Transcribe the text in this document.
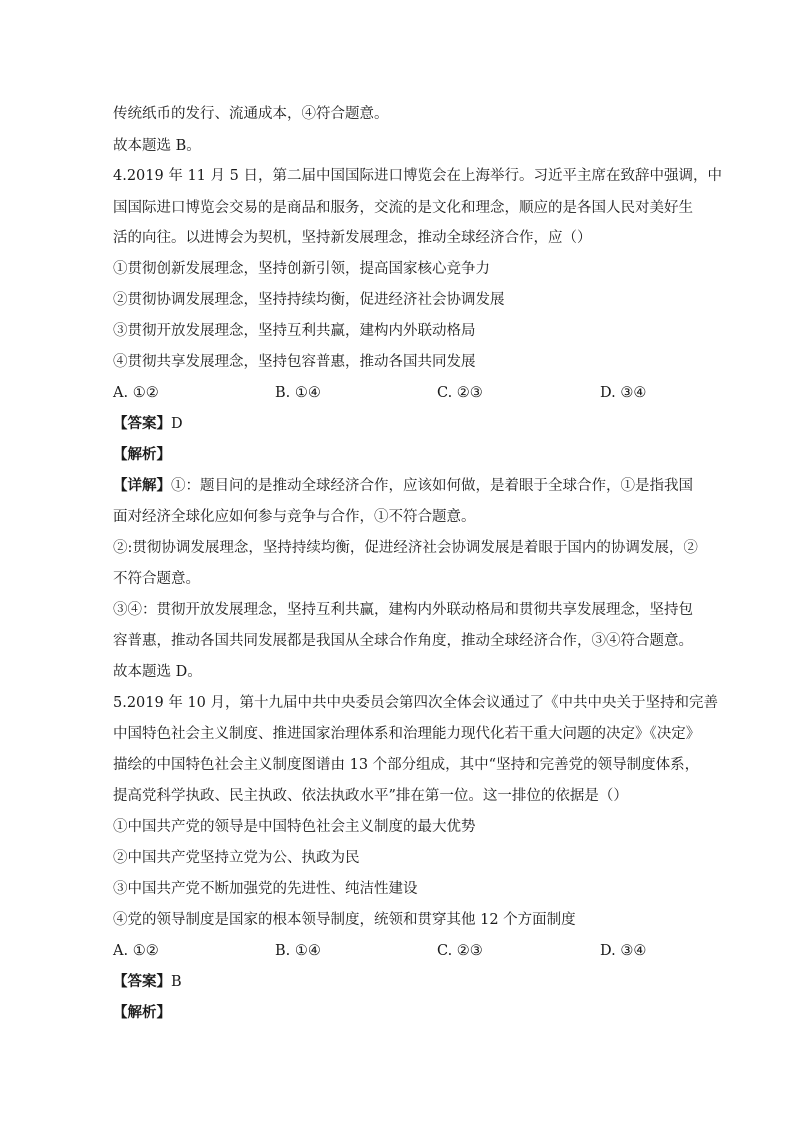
传统纸币的发行、流通成本，④符合题意。
故本题选 B。
4.2019 年 11 月 5 日，第二届中国国际进口博览会在上海举行。习近平主席在致辞中强调，中
国国际进口博览会交易的是商品和服务，交流的是文化和理念，顺应的是各国人民对美好生
活的向往。以进博会为契机，坚持新发展理念，推动全球经济合作，应（）
①贯彻创新发展理念，坚持创新引领，提高国家核心竞争力
②贯彻协调发展理念，坚持持续均衡，促进经济社会协调发展
③贯彻开放发展理念，坚持互利共赢，建构内外联动格局
④贯彻共享发展理念，坚持包容普惠，推动各国共同发展
A. ①②	B. ①④	C. ②③	D. ③④
【答案】D
【解析】
【详解】①：题目问的是推动全球经济合作，应该如何做，是着眼于全球合作，①是指我国
面对经济全球化应如何参与竞争与合作，①不符合题意。
②:贯彻协调发展理念，坚持持续均衡，促进经济社会协调发展是着眼于国内的协调发展，②
不符合题意。
③④：贯彻开放发展理念，坚持互利共赢，建构内外联动格局和贯彻共享发展理念，坚持包
容普惠，推动各国共同发展都是我国从全球合作角度，推动全球经济合作，③④符合题意。
故本题选 D。
5.2019 年 10 月，第十九届中共中央委员会第四次全体会议通过了《中共中央关于坚持和完善
中国特色社会主义制度、推进国家治理体系和治理能力现代化若干重大问题的决定》《决定》
描绘的中国特色社会主义制度图谱由 13 个部分组成，其中“坚持和完善党的领导制度体系，
提高党科学执政、民主执政、依法执政水平”排在第一位。这一排位的依据是（）
①中国共产党的领导是中国特色社会主义制度的最大优势
②中国共产党坚持立党为公、执政为民
③中国共产党不断加强党的先进性、纯洁性建设
④党的领导制度是国家的根本领导制度，统领和贯穿其他 12 个方面制度
A. ①②	B. ①④	C. ②③	D. ③④
【答案】B
【解析】
